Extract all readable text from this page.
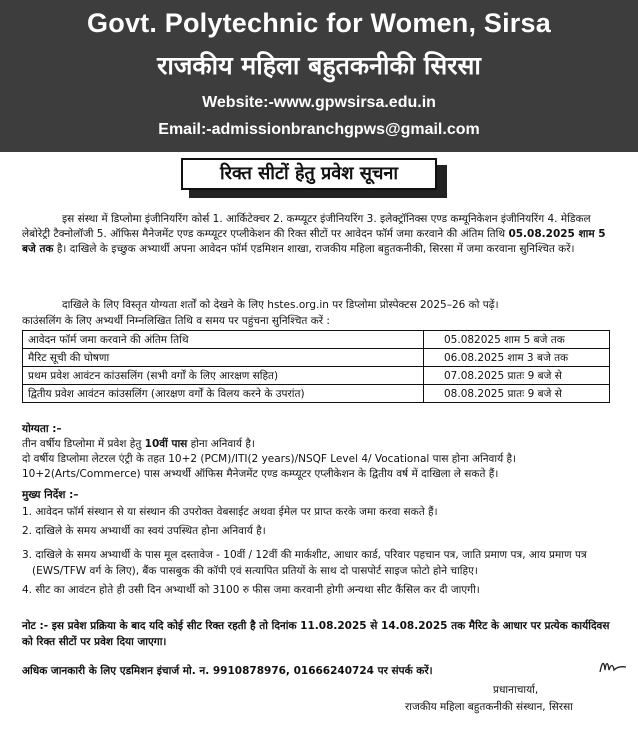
Govt. Polytechnic for Women, Sirsa
राजकीय महिला बहुतकनीकी सिरसा
Website:-www.gpwsirsa.edu.in
Email:-admissionbranchgpws@gmail.com
रिक्त सीटों हेतु प्रवेश सूचना
इस संस्था में डिप्लोमा इंजीनियरिंग कोर्स 1. आर्किटेक्चर 2. कम्प्यूटर इंजीनियरिंग 3. इलेक्ट्रॉनिक्स एण्ड कम्यूनिकेशन इंजीनियरिंग 4. मेडिकल लेबोरेट्री टैक्नोलॉजी 5. ऑफिस मैनेजमेंट एण्ड कम्प्यूटर एप्लीकेशन की रिक्त सीटों पर आवेदन फॉर्म जमा करवाने की अंतिम तिथि 05.08.2025 शाम 5 बजे तक है। दाखिले के इच्छुक अभ्यार्थी अपना आवेदन फॉर्म एडमिशन शाखा, राजकीय महिला बहुतकनीकी, सिरसा में जमा करवाना सुनिश्चित करें।
दाखिले के लिए विस्तृत योग्यता शर्तों को देखने के लिए hstes.org.in पर डिप्लोमा प्रोस्पेक्टस 2025–26 को पढ़ें।
काउंसलिंग के लिए अभ्यर्थी निम्नलिखित तिथि व समय पर पहुंचना सुनिश्चित करें :
आवेदन फॉर्म जमा करवाने की अंतिम तिथि	05.082025 शाम 5 बजे तक
मैरिट सूची की घोषणा	06.08.2025 शाम 3 बजे तक
प्रथम प्रवेश आवंटन कांउसलिंग (सभी वर्गों के लिए आरक्षण सहित)	07.08.2025 प्रातः 9 बजे से
द्वितीय प्रवेश आवंटन कांउसलिंग (आरक्षण वर्गों के विलय करने के उपरांत)	08.08.2025 प्रातः 9 बजे से
योग्यता :–
तीन वर्षीय डिप्लोमा में प्रवेश हेतु 10वीं पास होना अनिवार्य है।
दो वर्षीय डिप्लोमा लेटरल एंट्री के तहत 10+2 (PCM)/ITI(2 years)/NSQF Level 4/ Vocational पास होना अनिवार्य है।
10+2(Arts/Commerce) पास अभ्यर्थी ऑफिस मैनेजमेंट एण्ड कम्प्यूटर एप्लीकेशन के द्वितीय वर्ष में दाखिला ले सकते हैं।
मुख्य निर्देश :–
1. आवेदन फॉर्म संस्थान से या संस्थान की उपरोक्त वेबसाईट अथवा ईमेल पर प्राप्त करके जमा करवा सकते हैं।
2. दाखिले के समय अभ्यार्थी का स्वयं उपस्थित होना अनिवार्य है।
3. दाखिले के समय अभ्यार्थी के पास मूल दस्तावेज - 10वीं / 12वीं की मार्कशीट, आधार कार्ड, परिवार पहचान पत्र, जाति प्रमाण पत्र, आय प्रमाण पत्र (EWS/TFW वर्ग के लिए), बैंक पासबुक की कॉपी एवं सत्यापित प्रतियों के साथ दो पासपोर्ट साइज फोटो होने चाहिए।
4. सीट का आवंटन होते ही उसी दिन अभ्यार्थी को 3100 रु फीस जमा करवानी होगी अन्यथा सीट कैंसिल कर दी जाएगी।
नोट :- इस प्रवेश प्रक्रिया के बाद यदि कोई सीट रिक्त रहती है तो दिनांक 11.08.2025 से 14.08.2025 तक मैरिट के आधार पर प्रत्येक कार्यदिवस को रिक्त सीटों पर प्रवेश दिया जाएगा।
अधिक जानकारी के लिए एडमिशन इंचार्ज मो. न. 9910878976, 01666240724 पर संपर्क करें।
प्रधानाचार्या,
राजकीय महिला बहुतकनीकी संस्थान, सिरसा
